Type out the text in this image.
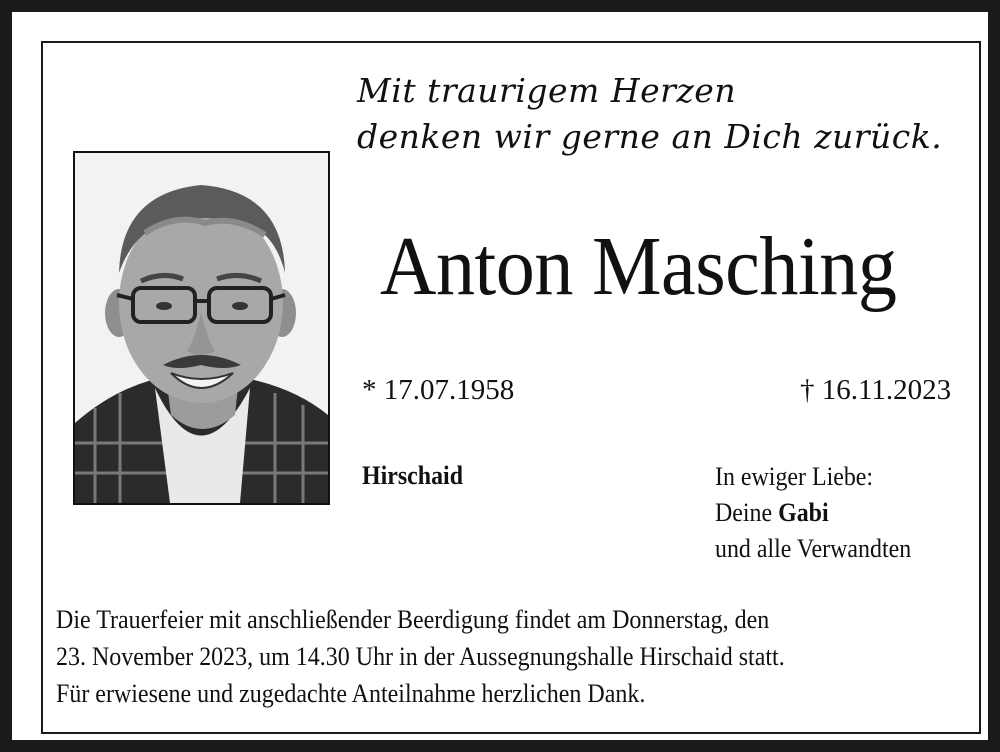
Mit traurigem Herzen
denken wir gerne an Dich zurück.
Anton Masching
* 17.07.1958	† 16.11.2023
Hirschaid	In ewiger Liebe:
Deine Gabi
und alle Verwandten
Die Trauerfeier mit anschließender Beerdigung findet am Donnerstag, den
23. November 2023, um 14.30 Uhr in der Aussegnungshalle Hirschaid statt.
Für erwiesene und zugedachte Anteilnahme herzlichen Dank.
